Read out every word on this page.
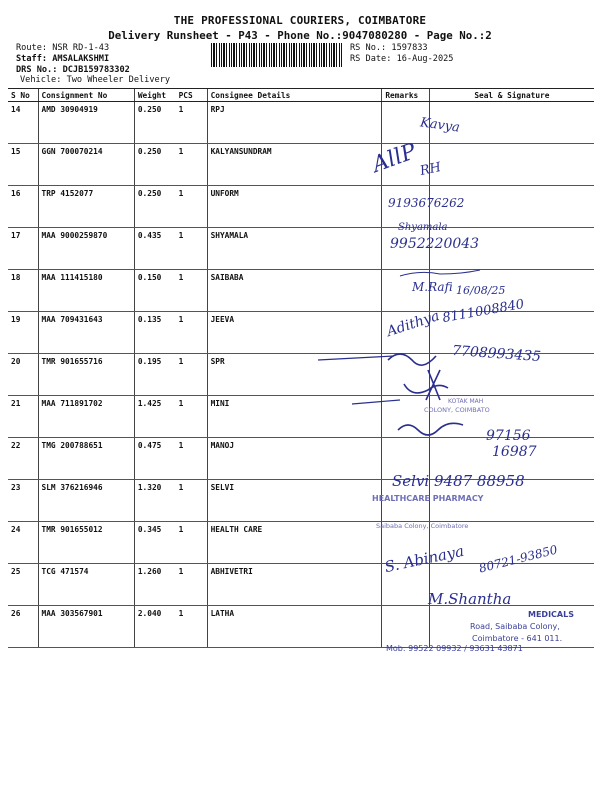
THE PROFESSIONAL COURIERS, COIMBATORE
Delivery Runsheet - P43 - Phone No.:9047080280 - Page No.:2
Route: NSR RD-1-43
Staff: AMSALAKSHMI
DRS No.: DCJB159783302
Vehicle: Two Wheeler Delivery
RS No.: 1597833
RS Date: 16-Aug-2025
S No	Consignment No	Weight	PCS	Consignee Details	Remarks	Seal & Signature
14	AMD 30904919	0.250	1	RPJ		
15	GGN 700070214	0.250	1	KALYANSUNDRAM		
16	TRP 4152077	0.250	1	UNFORM		
17	MAA 9000259870	0.435	1	SHYAMALA		
18	MAA 111415180	0.150	1	SAIBABA		
19	MAA 709431643	0.135	1	JEEVA		
20	TMR 901655716	0.195	1	SPR		
21	MAA 711891702	1.425	1	MINI		
22	TMG 200788651	0.475	1	MANOJ		
23	SLM 376216946	1.320	1	SELVI		
24	TMR 901655012	0.345	1	HEALTH CARE		
25	TCG 471574	1.260	1	ABHIVETRI		
26	MAA 303567901	2.040	1	LATHA		
Kavya
AllP
RH
9193676262
Shyamala
9952220043
M.Rafi 16/08/25
Adithya 8111008840
7708993435
97156
16987
Selvi 9487 88958
S. Abinaya 80721-93850
M.Shantha
KOTAK MAH
COLONY, COIMBATO
HEALTHCARE PHARMACY
Saibaba Colony, Coimbatore
MEDICALS
Road, Saibaba Colony,
Coimbatore - 641 011.
Mob: 99522 09932 / 93631 43871
